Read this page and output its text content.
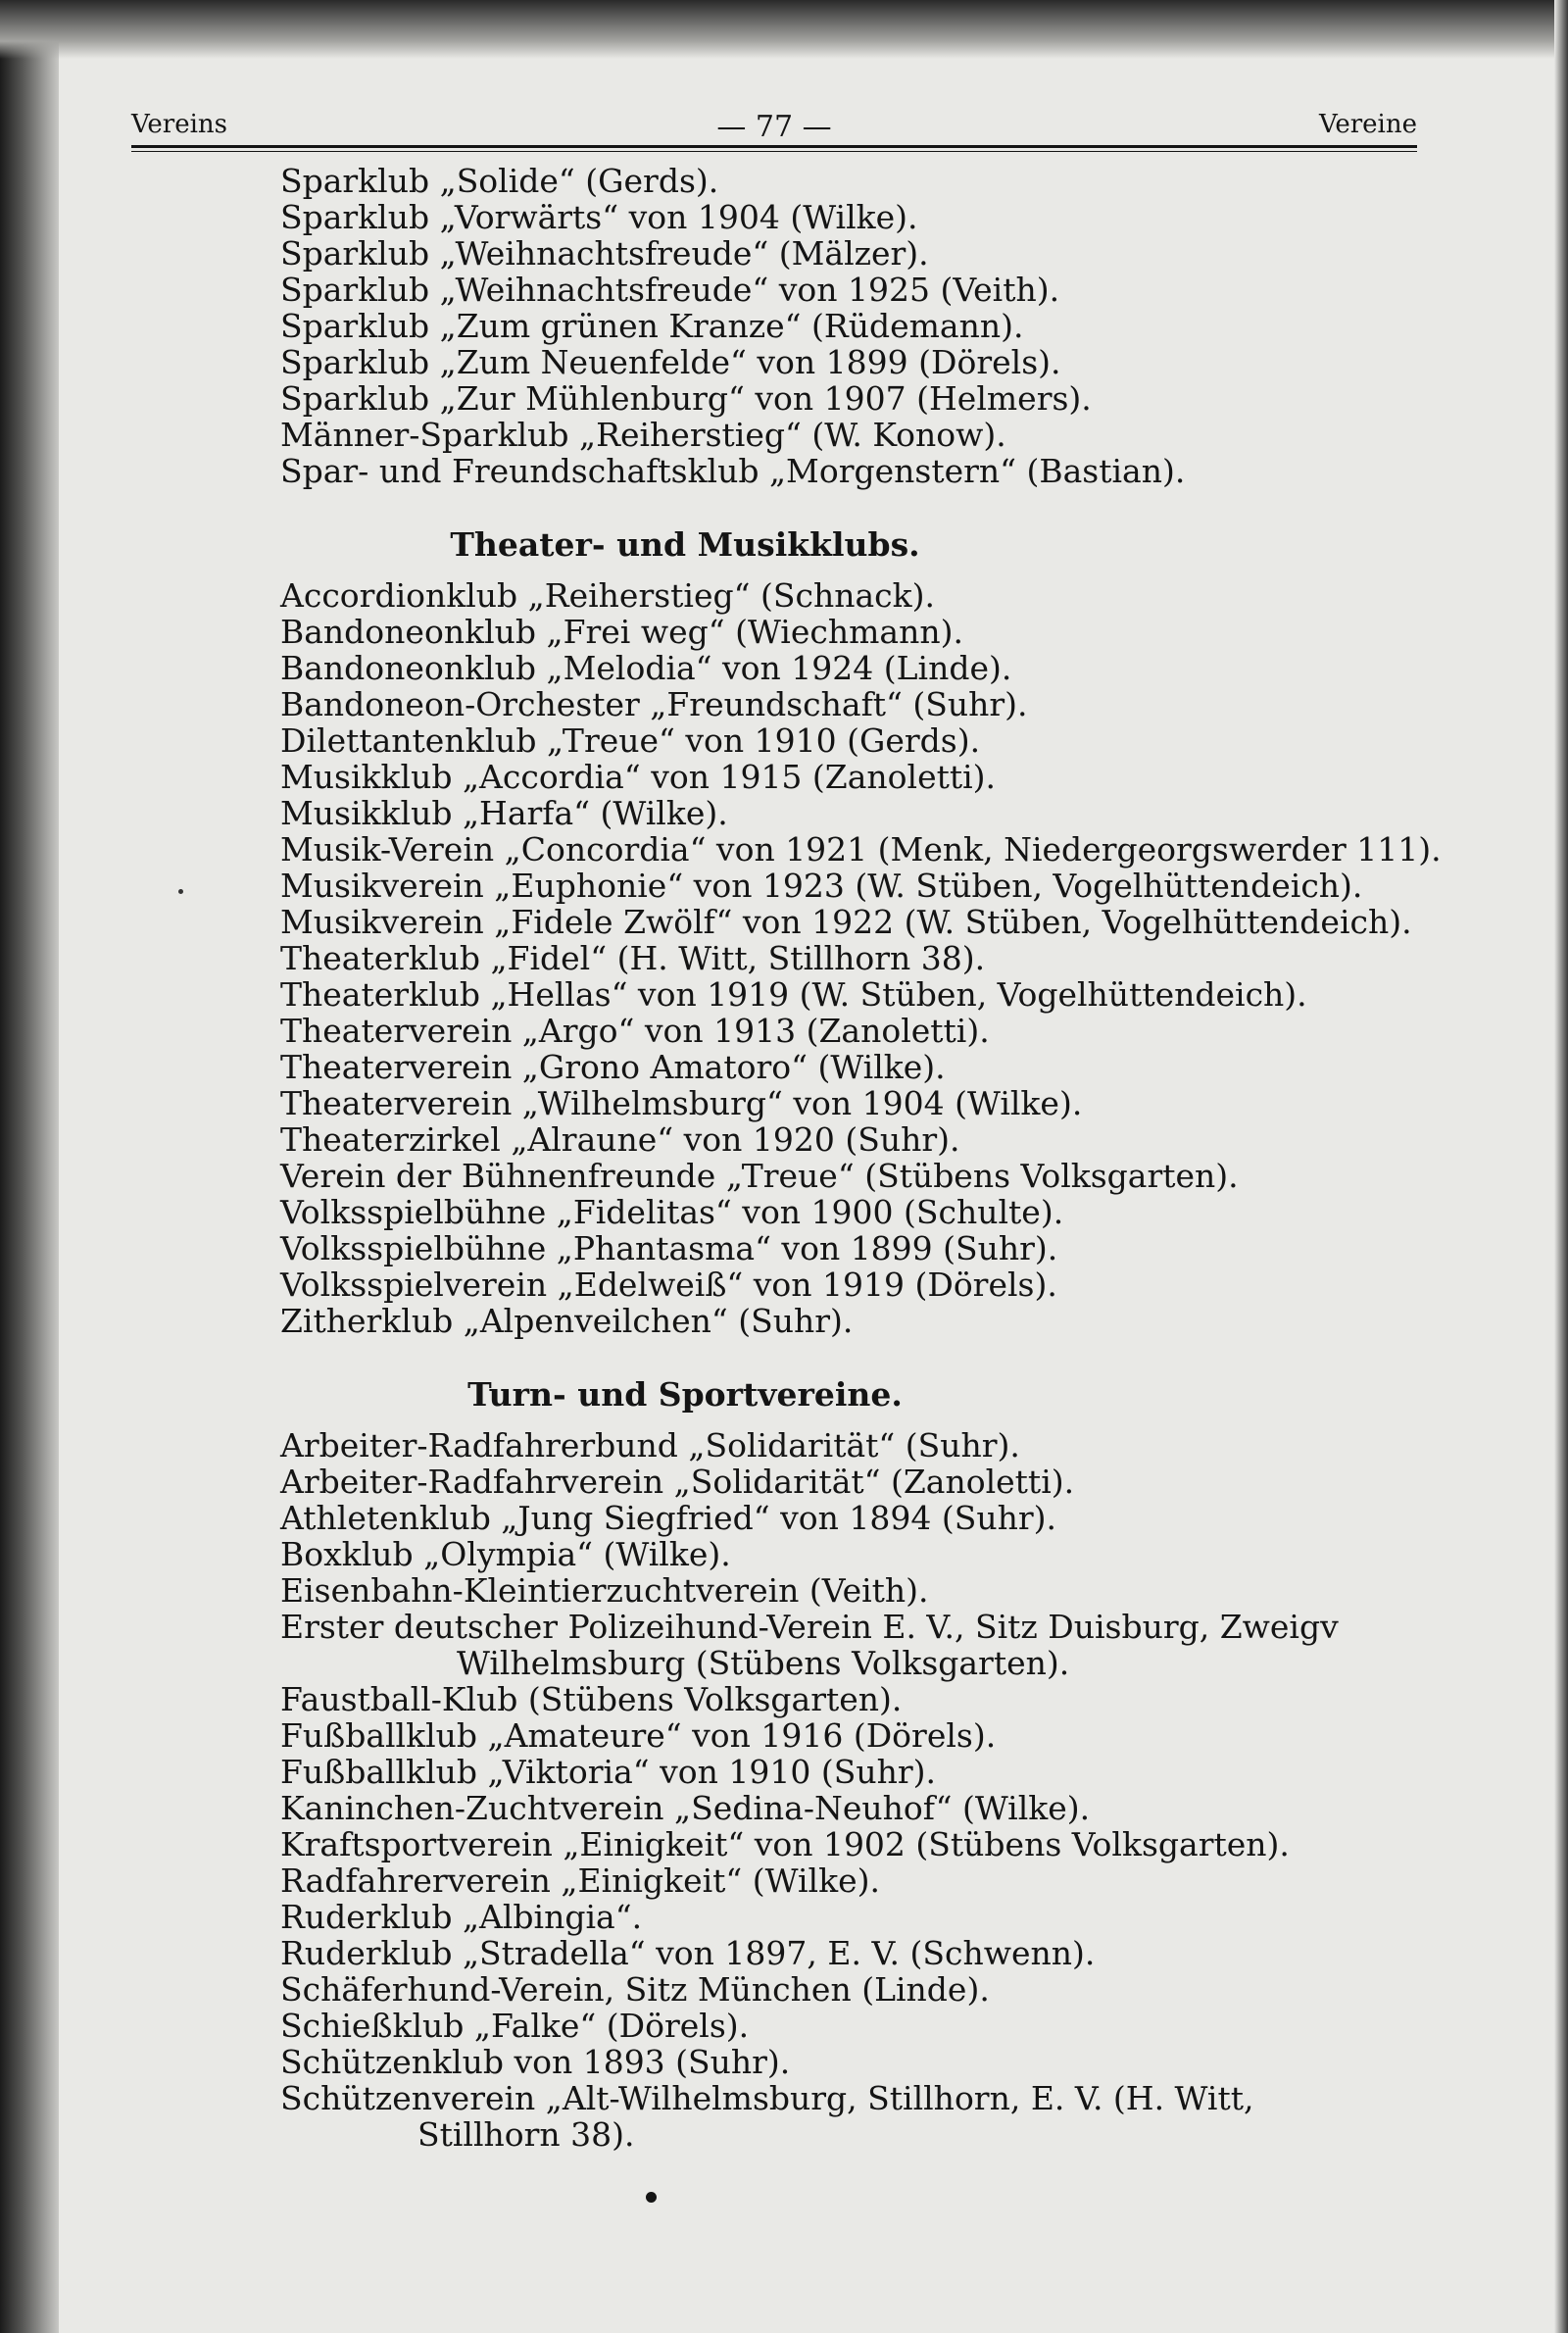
Vereins	— 77 —	Vereine

Sparklub „Solide“ (Gerds).

Sparklub „Vorwärts“ von 1904 (Wilke).

Sparklub „Weihnachtsfreude“ (Mälzer).

Sparklub „Weihnachtsfreude“ von 1925 (Veith).

Sparklub „Zum grünen Kranze“ (Rüdemann).

Sparklub „Zum Neuenfelde“ von 1899 (Dörels).

Sparklub „Zur Mühlenburg“ von 1907 (Helmers).

Männer-Sparklub „Reiherstieg“ (W. Konow).

Spar- und Freundschaftsklub „Morgenstern“ (Bastian).

Theater- und Musikklubs.

Accordionklub „Reiherstieg“ (Schnack).

Bandoneonklub „Frei weg“ (Wiechmann).

Bandoneonklub „Melodia“ von 1924 (Linde).

Bandoneon-Orchester „Freundschaft“ (Suhr).

Dilettantenklub „Treue“ von 1910 (Gerds).

Musikklub „Accordia“ von 1915 (Zanoletti).

Musikklub „Harfa“ (Wilke).

Musik-Verein „Concordia“ von 1921 (Menk, Niedergeorgswerder 111).

Musikverein „Euphonie“ von 1923 (W. Stüben, Vogelhüttendeich).

Musikverein „Fidele Zwölf“ von 1922 (W. Stüben, Vogelhüttendeich).

Theaterklub „Fidel“ (H. Witt, Stillhorn 38).

Theaterklub „Hellas“ von 1919 (W. Stüben, Vogelhüttendeich).

Theaterverein „Argo“ von 1913 (Zanoletti).

Theaterverein „Grono Amatoro“ (Wilke).

Theaterverein „Wilhelmsburg“ von 1904 (Wilke).

Theaterzirkel „Alraune“ von 1920 (Suhr).

Verein der Bühnenfreunde „Treue“ (Stübens Volksgarten).

Volksspielbühne „Fidelitas“ von 1900 (Schulte).

Volksspielbühne „Phantasma“ von 1899 (Suhr).

Volksspielverein „Edelweiß“ von 1919 (Dörels).

Zitherklub „Alpenveilchen“ (Suhr).

Turn- und Sportvereine.

Arbeiter-Radfahrerbund „Solidarität“ (Suhr).

Arbeiter-Radfahrverein „Solidarität“ (Zanoletti).

Athletenklub „Jung Siegfried“ von 1894 (Suhr).

Boxklub „Olympia“ (Wilke).

Eisenbahn-Kleintierzuchtverein (Veith).

Erster deutscher Polizeihund-Verein E. V., Sitz Duisburg, Zweigv

Wilhelmsburg (Stübens Volksgarten).

Faustball-Klub (Stübens Volksgarten).

Fußballklub „Amateure“ von 1916 (Dörels).

Fußballklub „Viktoria“ von 1910 (Suhr).

Kaninchen-Zuchtverein „Sedina-Neuhof“ (Wilke).

Kraftsportverein „Einigkeit“ von 1902 (Stübens Volksgarten).

Radfahrerverein „Einigkeit“ (Wilke).

Ruderklub „Albingia“.

Ruderklub „Stradella“ von 1897, E. V. (Schwenn).

Schäferhund-Verein, Sitz München (Linde).

Schießklub „Falke“ (Dörels).

Schützenklub von 1893 (Suhr).

Schützenverein „Alt-Wilhelmsburg, Stillhorn, E. V. (H. Witt,

Stillhorn 38).
